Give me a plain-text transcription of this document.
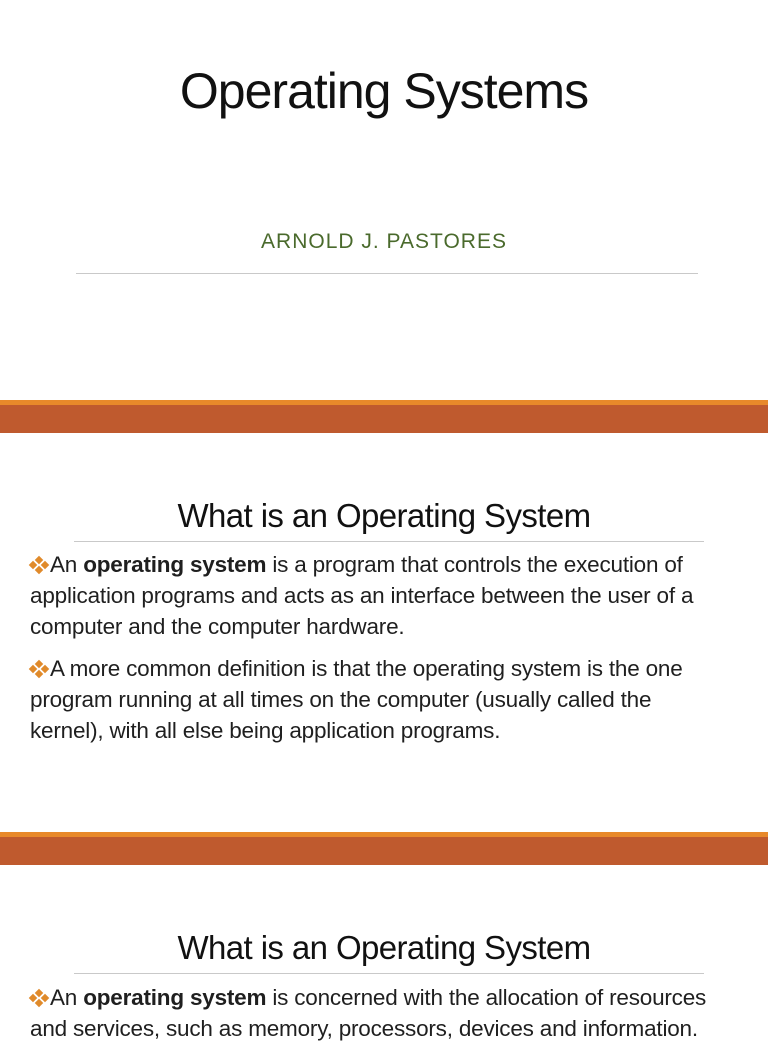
Operating Systems
ARNOLD J. PASTORES
What is an Operating System
An operating system is a program that controls the execution of application programs and acts as an interface between the user of a computer and the computer hardware.
A more common definition is that the operating system is the one program running at all times on the computer (usually called the kernel), with all else being application programs.
What is an Operating System
An operating system is concerned with the allocation of resources and services, such as memory, processors, devices and information.
